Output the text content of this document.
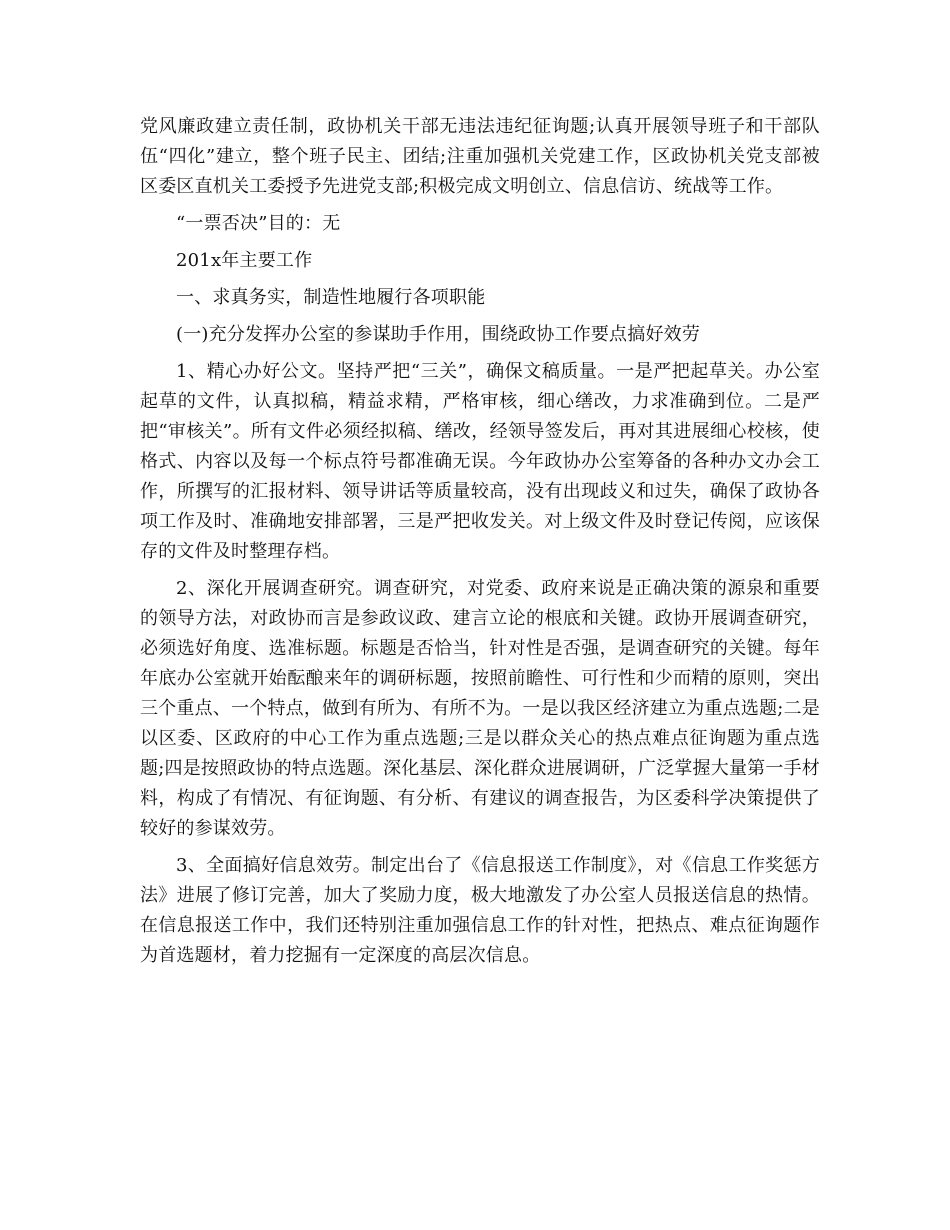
党风廉政建立责任制，政协机关干部无违法违纪征询题;认真开展领导班子和干部队伍“四化”建立，整个班子民主、团结;注重加强机关党建工作，区政协机关党支部被区委区直机关工委授予先进党支部;积极完成文明创立、信息信访、统战等工作。

“一票否决”目的：无

201x年主要工作

一、求真务实，制造性地履行各项职能

(一)充分发挥办公室的参谋助手作用，围绕政协工作要点搞好效劳

1、精心办好公文。坚持严把“三关”，确保文稿质量。一是严把起草关。办公室起草的文件，认真拟稿，精益求精，严格审核，细心缮改，力求准确到位。二是严把“审核关”。所有文件必须经拟稿、缮改，经领导签发后，再对其进展细心校核，使格式、内容以及每一个标点符号都准确无误。今年政协办公室筹备的各种办文办会工作，所撰写的汇报材料、领导讲话等质量较高，没有出现歧义和过失，确保了政协各项工作及时、准确地安排部署，三是严把收发关。对上级文件及时登记传阅，应该保存的文件及时整理存档。

2、深化开展调查研究。调查研究，对党委、政府来说是正确决策的源泉和重要的领导方法，对政协而言是参政议政、建言立论的根底和关键。政协开展调查研究，必须选好角度、选准标题。标题是否恰当，针对性是否强，是调查研究的关键。每年年底办公室就开始酝酿来年的调研标题，按照前瞻性、可行性和少而精的原则，突出三个重点、一个特点，做到有所为、有所不为。一是以我区经济建立为重点选题;二是以区委、区政府的中心工作为重点选题;三是以群众关心的热点难点征询题为重点选题;四是按照政协的特点选题。深化基层、深化群众进展调研，广泛掌握大量第一手材料，构成了有情况、有征询题、有分析、有建议的调查报告，为区委科学决策提供了较好的参谋效劳。

3、全面搞好信息效劳。制定出台了《信息报送工作制度》，对《信息工作奖惩方法》进展了修订完善，加大了奖励力度，极大地激发了办公室人员报送信息的热情。在信息报送工作中，我们还特别注重加强信息工作的针对性，把热点、难点征询题作为首选题材，着力挖掘有一定深度的高层次信息。
